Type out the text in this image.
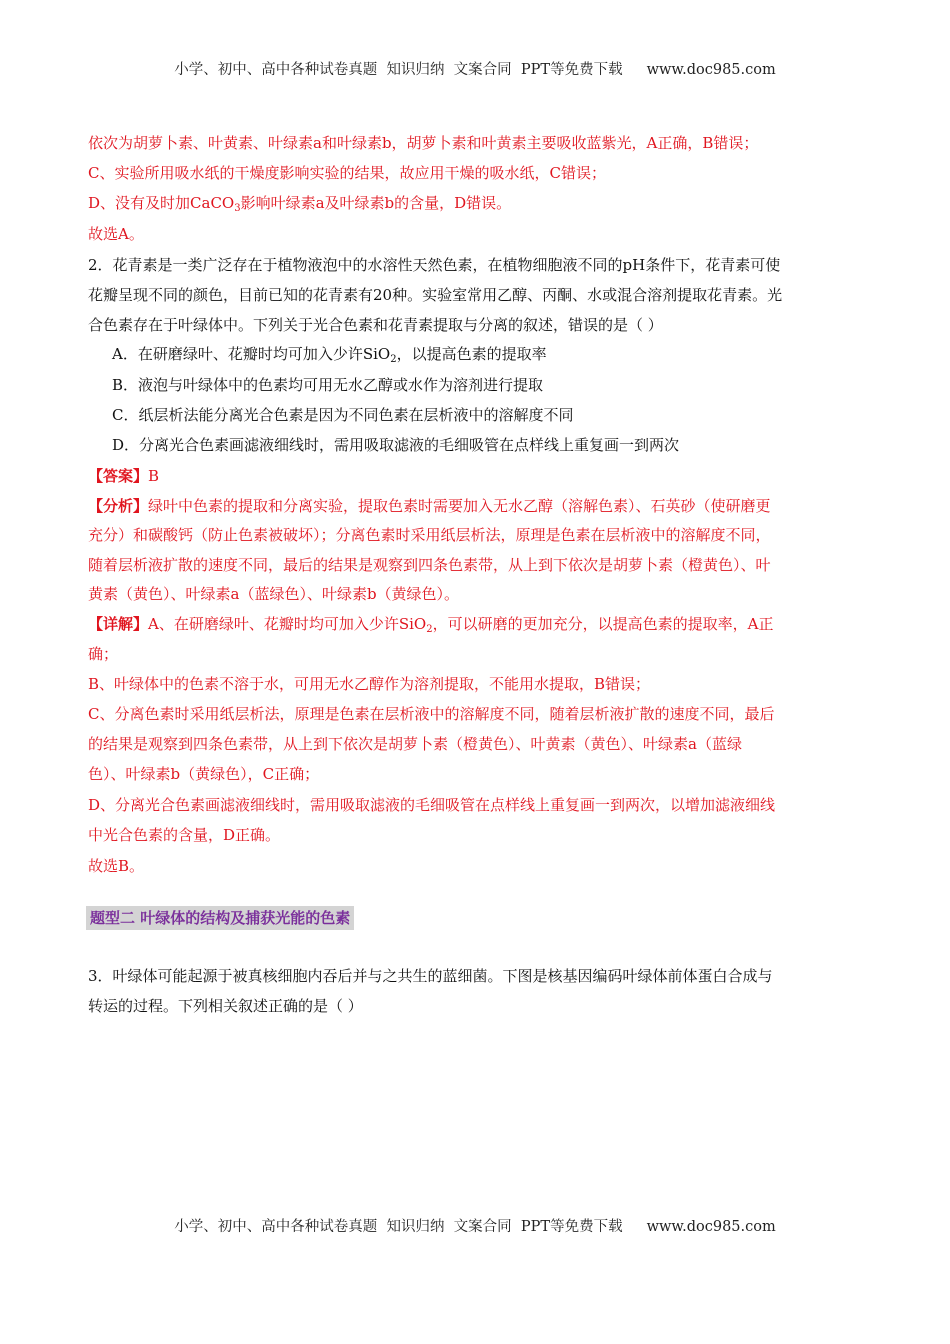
小学、初中、高中各种试卷真题  知识归纳  文案合同  PPT等免费下载 www.doc985.com
依次为胡萝卜素、叶黄素、叶绿素a和叶绿素b，胡萝卜素和叶黄素主要吸收蓝紫光，A正确，B错误；
C、实验所用吸水纸的干燥度影响实验的结果，故应用干燥的吸水纸，C错误；
D、没有及时加CaCO$_3$影响叶绿素a及叶绿素b的含量，D错误。
故选A。
2．花青素是一类广泛存在于植物液泡中的水溶性天然色素，在植物细胞液不同的pH条件下，花青素可使
花瓣呈现不同的颜色，目前已知的花青素有20种。实验室常用乙醇、丙酮、水或混合溶剂提取花青素。光
合色素存在于叶绿体中。下列关于光合色素和花青素提取与分离的叙述，错误的是（ ）
A．在研磨绿叶、花瓣时均可加入少许SiO$_2$，以提高色素的提取率
B．液泡与叶绿体中的色素均可用无水乙醇或水作为溶剂进行提取
C．纸层析法能分离光合色素是因为不同色素在层析液中的溶解度不同
D．分离光合色素画滤液细线时，需用吸取滤液的毛细吸管在点样线上重复画一到两次
【答案】B
【分析】绿叶中色素的提取和分离实验，提取色素时需要加入无水乙醇（溶解色素）、石英砂（使研磨更
充分）和碳酸钙（防止色素被破坏）；分离色素时采用纸层析法，原理是色素在层析液中的溶解度不同，
随着层析液扩散的速度不同，最后的结果是观察到四条色素带，从上到下依次是胡萝卜素（橙黄色）、叶
黄素（黄色）、叶绿素a（蓝绿色）、叶绿素b（黄绿色）。
【详解】A、在研磨绿叶、花瓣时均可加入少许SiO$_2$，可以研磨的更加充分，以提高色素的提取率，A正
确；
B、叶绿体中的色素不溶于水，可用无水乙醇作为溶剂提取，不能用水提取，B错误；
C、分离色素时采用纸层析法，原理是色素在层析液中的溶解度不同，随着层析液扩散的速度不同，最后
的结果是观察到四条色素带，从上到下依次是胡萝卜素（橙黄色）、叶黄素（黄色）、叶绿素a（蓝绿
色）、叶绿素b（黄绿色），C正确；
D、分离光合色素画滤液细线时，需用吸取滤液的毛细吸管在点样线上重复画一到两次，以增加滤液细线
中光合色素的含量，D正确。
故选B。
题型二 叶绿体的结构及捕获光能的色素
3．叶绿体可能起源于被真核细胞内吞后并与之共生的蓝细菌。下图是核基因编码叶绿体前体蛋白合成与
转运的过程。下列相关叙述正确的是（ ）
小学、初中、高中各种试卷真题  知识归纳  文案合同  PPT等免费下载 www.doc985.com
